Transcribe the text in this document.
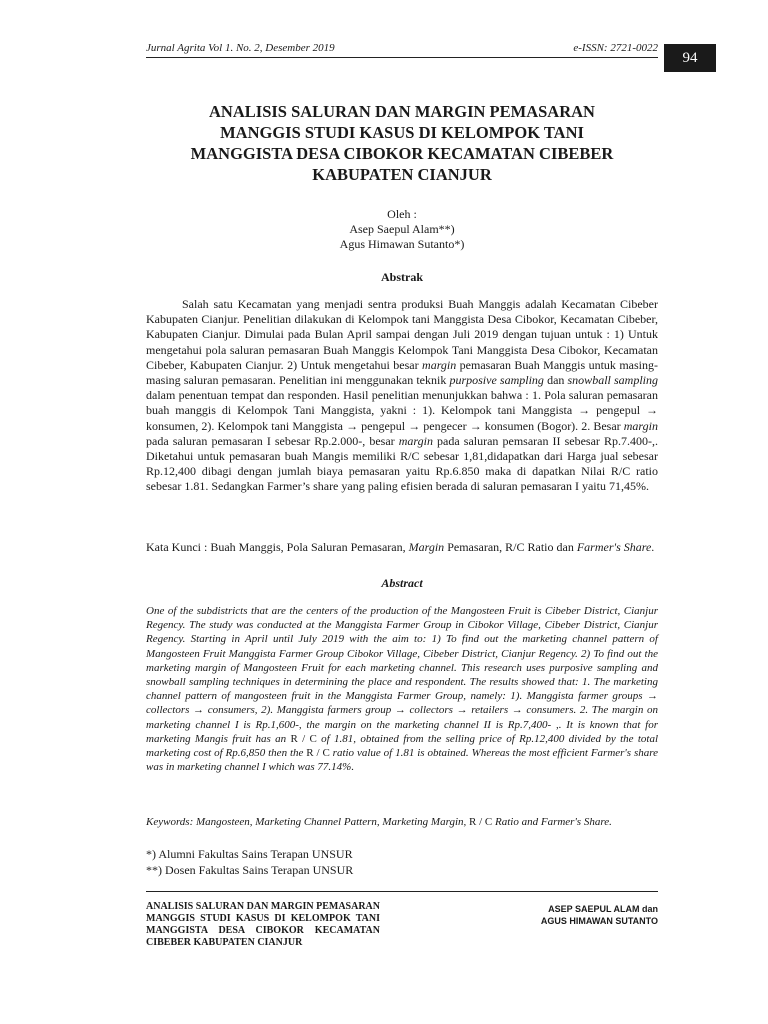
Jurnal Agrita Vol 1. No. 2, Desember 2019	e-ISSN: 2721-0022
94
ANALISIS SALURAN DAN MARGIN PEMASARAN
MANGGIS STUDI KASUS DI KELOMPOK TANI
MANGGISTA DESA CIBOKOR KECAMATAN CIBEBER
KABUPATEN CIANJUR
Oleh :
Asep Saepul Alam**)
Agus Himawan Sutanto*)
Abstrak

Salah satu Kecamatan yang menjadi sentra produksi Buah Manggis adalah Kecamatan Cibeber Kabupaten Cianjur. Penelitian dilakukan di Kelompok tani Manggista Desa Cibokor, Kecamatan Cibeber, Kabupaten Cianjur. Dimulai pada Bulan April sampai dengan Juli 2019 dengan tujuan untuk : 1) Untuk mengetahui pola saluran pemasaran Buah Manggis Kelompok Tani Manggista Desa Cibokor, Kecamatan Cibeber, Kabupaten Cianjur. 2) Untuk mengetahui besar margin pemasaran Buah Manggis untuk masing-masing saluran pemasaran. Penelitian ini menggunakan teknik purposive sampling dan snowball sampling dalam penentuan tempat dan responden. Hasil penelitian menunjukkan bahwa : 1. Pola saluran pemasaran buah manggis di Kelompok Tani Manggista, yakni : 1). Kelompok tani Manggista → pengepul → konsumen, 2). Kelompok tani Manggista → pengepul → pengecer → konsumen (Bogor). 2. Besar margin pada saluran pemasaran I sebesar Rp.2.000-, besar margin pada saluran pemsaran II sebesar Rp.7.400-,. Diketahui untuk pemasaran buah Mangis memiliki R/C sebesar 1,81,didapatkan dari Harga jual sebesar Rp.12,400 dibagi dengan jumlah biaya pemasaran yaitu Rp.6.850 maka di dapatkan Nilai R/C ratio sebesar 1.81. Sedangkan Farmer’s share yang paling efisien berada di saluran pemasaran I yaitu 71,45%.

Kata Kunci : Buah Manggis, Pola Saluran Pemasaran, Margin Pemasaran, R/C Ratio dan Farmer's Share.

Abstract

One of the subdistricts that are the centers of the production of the Mangosteen Fruit is Cibeber District, Cianjur Regency. The study was conducted at the Manggista Farmer Group in Cibokor Village, Cibeber District, Cianjur Regency. Starting in April until July 2019 with the aim to: 1) To find out the marketing channel pattern of Mangosteen Fruit Manggista Farmer Group Cibokor Village, Cibeber District, Cianjur Regency. 2) To find out the marketing margin of Mangosteen Fruit for each marketing channel. This research uses purposive sampling and snowball sampling techniques in determining the place and respondent. The results showed that: 1. The marketing channel pattern of mangosteen fruit in the Manggista Farmer Group, namely: 1). Manggista farmer groups → collectors → consumers, 2). Manggista farmers group → collectors → retailers → consumers. 2. The margin on marketing channel I is Rp.1,600-, the margin on the marketing channel II is Rp.7,400- ,. It is known that for marketing Mangis fruit has an R / C of 1.81, obtained from the selling price of Rp.12,400 divided by the total marketing cost of Rp.6,850 then the R / C ratio value of 1.81 is obtained. Whereas the most efficient Farmer's share was in marketing channel I which was 77.14%.

Keywords: Mangosteen, Marketing Channel Pattern, Marketing Margin, R / C Ratio and Farmer's Share.

*) Alumni Fakultas Sains Terapan UNSUR
**) Dosen Fakultas Sains Terapan UNSUR

ANALISIS SALURAN DAN MARGIN PEMASARAN MANGGIS STUDI KASUS DI KELOMPOK TANI MANGGISTA DESA CIBOKOR KECAMATAN CIBEBER KABUPATEN CIANJUR

ASEP SAEPUL ALAM dan
AGUS HIMAWAN SUTANTO
